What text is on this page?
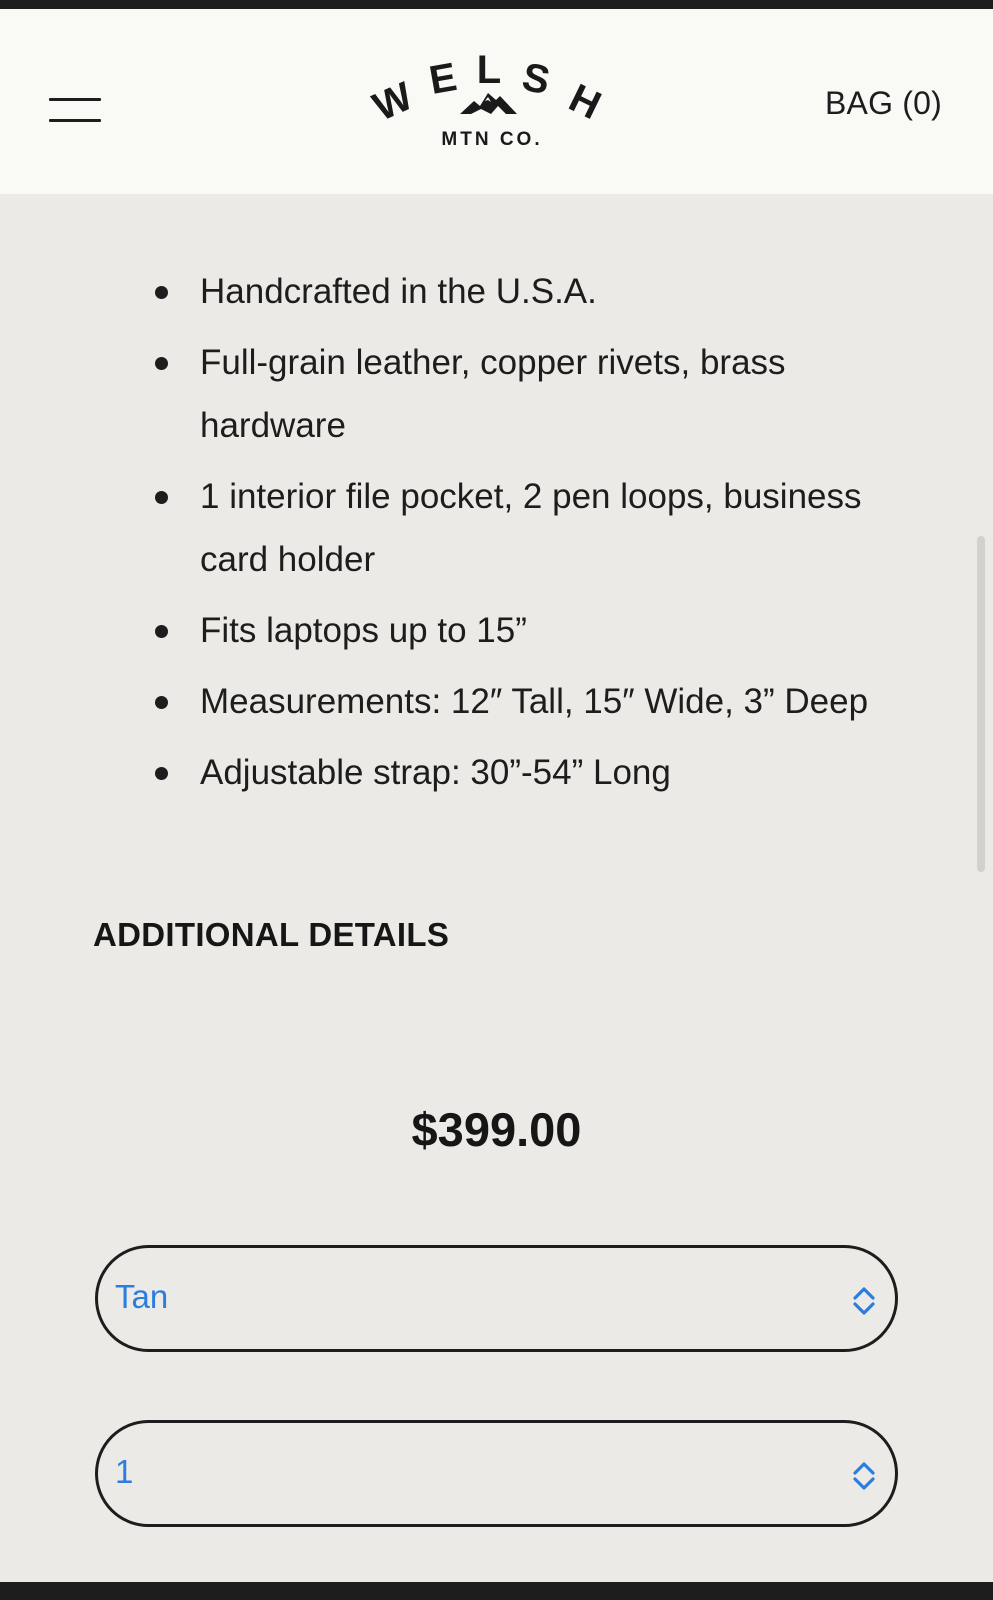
W E L S H
MTN CO.
BAG (0)
Handcrafted in the U.S.A.
Full-grain leather, copper rivets, brass hardware
1 interior file pocket, 2 pen loops, business card holder
Fits laptops up to 15”
Measurements: 12″ Tall, 15″ Wide, 3” Deep
Adjustable strap: 30”-54” Long
ADDITIONAL DETAILS
$399.00
Tan
1
